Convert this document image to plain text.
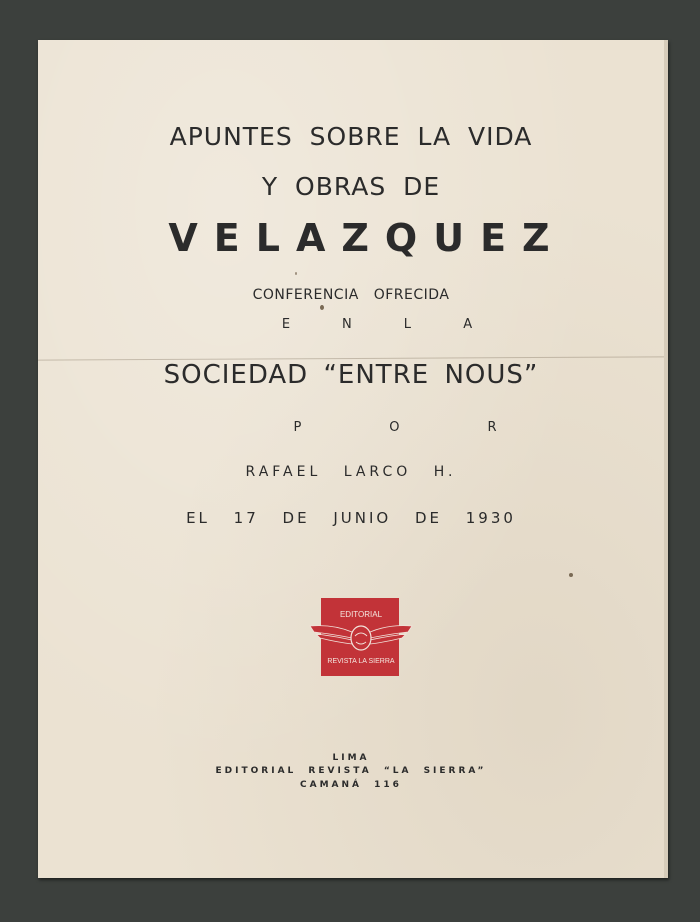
APUNTES SOBRE LA VIDA
Y OBRAS DE
VELAZQUEZ
CONFERENCIA OFRECIDA
ENLA
SOCIEDAD “ENTRE NOUS”
POR
RAFAEL LARCO H.
EL 17 DE JUNIO DE 1930
EDITORIAL
REVISTA LA SIERRA
LIMA
EDITORIAL REVISTA “LA SIERRA”
CAMANÁ 116
